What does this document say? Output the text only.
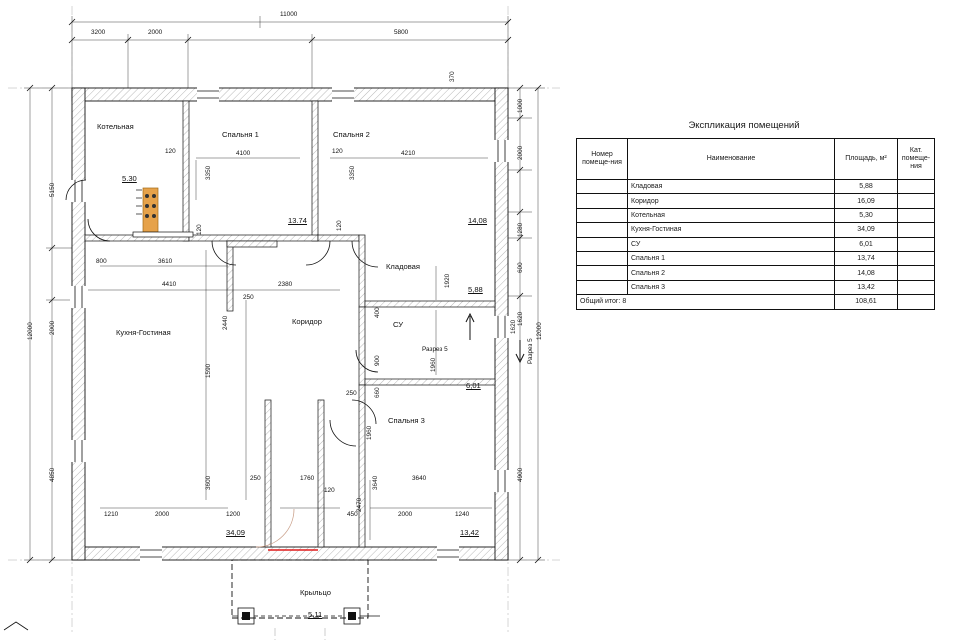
11000
3200	2000	5800
12000
5150
2000
4850
12000
1000
2000
1280
600
1620
4900
Котельная
5.30
Спальня 1
13.74
Спальня 2
14,08
Кладовая
5,88
Коридор	СУ
6,01
Кухня-Гостиная
34,09
Спальня 3
13,42
Крыльцо
5.11
Разрез 5	Разрез 5
120	4100	120	4210
3350	3350
120	120
800	3610
4410	2380
250
1920
400
900
660
250
1960
3600	250	1760
120
2470
3640
3640
450	2000	1240
1210	2000	1200
1590
2440
370
1620
1960
Экспликация помещений
Номер помеще-ния	Наименование	Площадь, м²	Кат. помеще-ния
	Кладовая	5,88	
	Коридор	16,09	
	Котельная	5,30	
	Кухня-Гостиная	34,09	
	СУ	6,01	
	Спальня 1	13,74	
	Спальня 2	14,08	
	Спальня 3	13,42	
Общий итог: 8		108,61	
